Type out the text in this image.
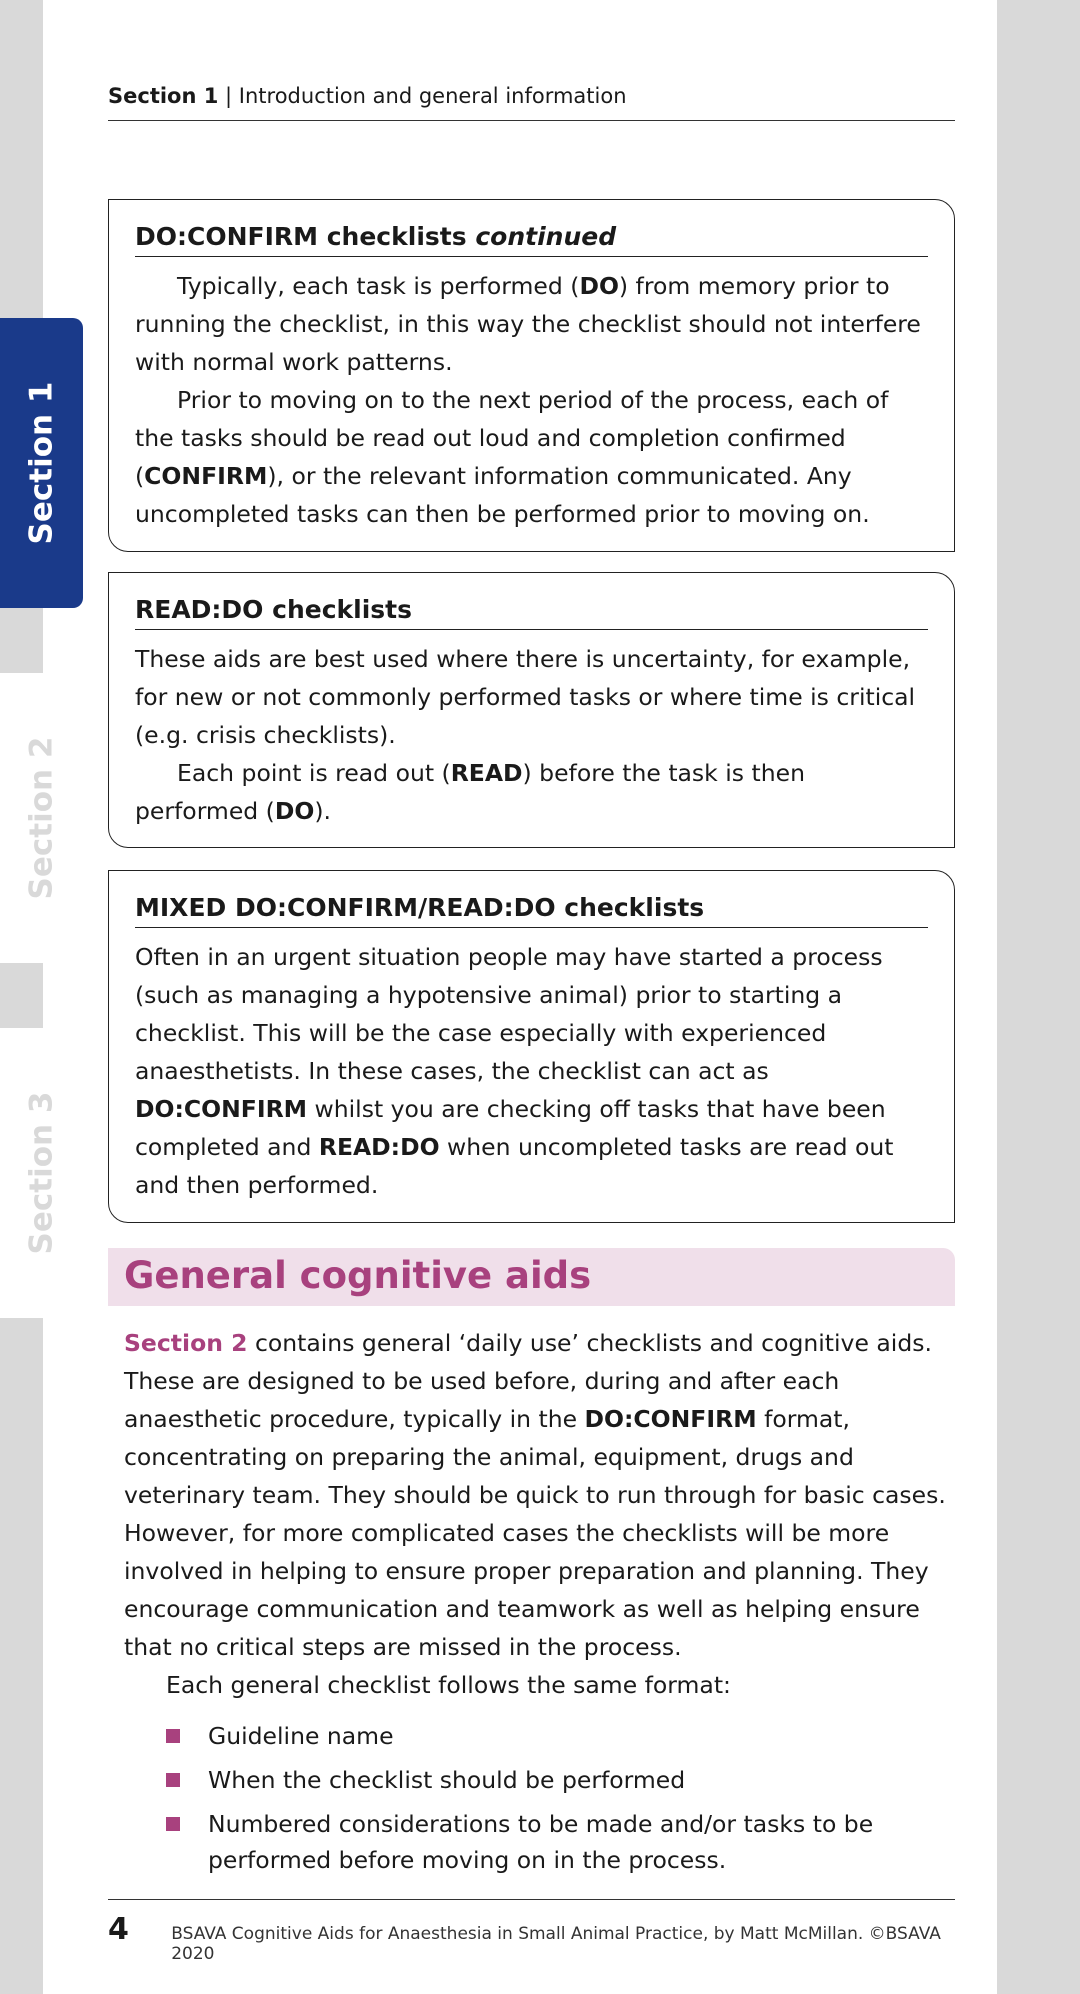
Section 1
Section 2
Section 3
Section 1 | Introduction and general information
DO:CONFIRM checklists continued

Typically, each task is performed (DO) from memory prior to running the checklist, in this way the checklist should not interfere with normal work patterns.

Prior to moving on to the next period of the process, each of the tasks should be read out loud and completion confirmed (CONFIRM), or the relevant information communicated. Any uncompleted tasks can then be performed prior to moving on.

READ:DO checklists

These aids are best used where there is uncertainty, for example, for new or not commonly performed tasks or where time is critical (e.g. crisis checklists).

Each point is read out (READ) before the task is then performed (DO).

MIXED DO:CONFIRM/READ:DO checklists

Often in an urgent situation people may have started a process (such as managing a hypotensive animal) prior to starting a checklist. This will be the case especially with experienced anaesthetists. In these cases, the checklist can act as DO:CONFIRM whilst you are checking off tasks that have been completed and READ:DO when uncompleted tasks are read out and then performed.

General cognitive aids

Section 2 contains general ‘daily use’ checklists and cognitive aids. These are designed to be used before, during and after each anaesthetic procedure, typically in the DO:CONFIRM format, concentrating on preparing the animal, equipment, drugs and veterinary team. They should be quick to run through for basic cases. However, for more complicated cases the checklists will be more involved in helping to ensure proper preparation and planning. They encourage communication and teamwork as well as helping ensure that no critical steps are missed in the process.

Each general checklist follows the same format:

Guideline name
When the checklist should be performed
Numbered considerations to be made and/or tasks to be performed before moving on in the process.
4	BSAVA Cognitive Aids for Anaesthesia in Small Animal Practice, by Matt McMillan. ©BSAVA 2020
